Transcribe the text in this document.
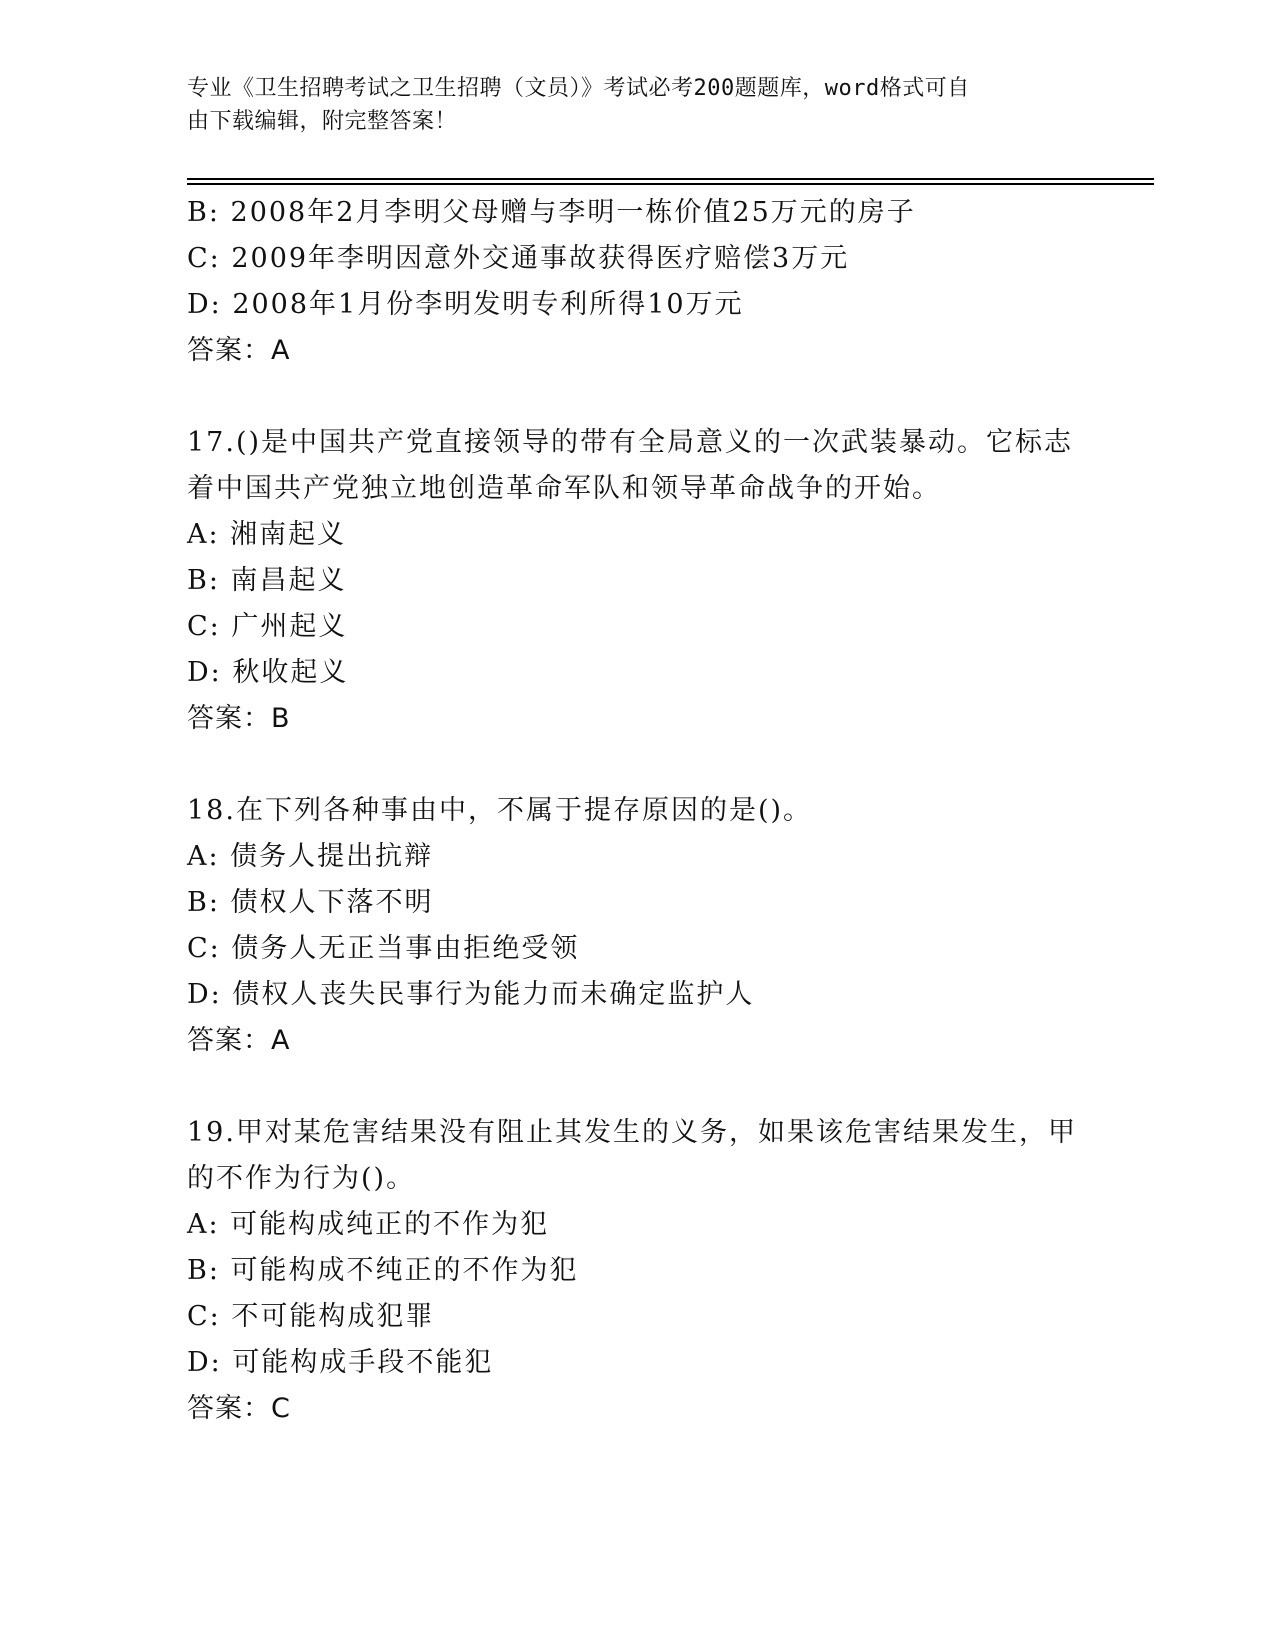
专业《卫生招聘考试之卫生招聘（文员）》考试必考200题题库，word格式可自
由下载编辑，附完整答案！
B: 2008年2月李明父母赠与李明一栋价值25万元的房子
C: 2009年李明因意外交通事故获得医疗赔偿3万元
D: 2008年1月份李明发明专利所得10万元
答案：A
17.()是中国共产党直接领导的带有全局意义的一次武装暴动。它标志
着中国共产党独立地创造革命军队和领导革命战争的开始。
A: 湘南起义
B: 南昌起义
C: 广州起义
D: 秋收起义
答案：B
18.在下列各种事由中，不属于提存原因的是()。
A: 债务人提出抗辩
B: 债权人下落不明
C: 债务人无正当事由拒绝受领
D: 债权人丧失民事行为能力而未确定监护人
答案：A
19.甲对某危害结果没有阻止其发生的义务，如果该危害结果发生，甲
的不作为行为()。
A: 可能构成纯正的不作为犯
B: 可能构成不纯正的不作为犯
C: 不可能构成犯罪
D: 可能构成手段不能犯
答案：C
